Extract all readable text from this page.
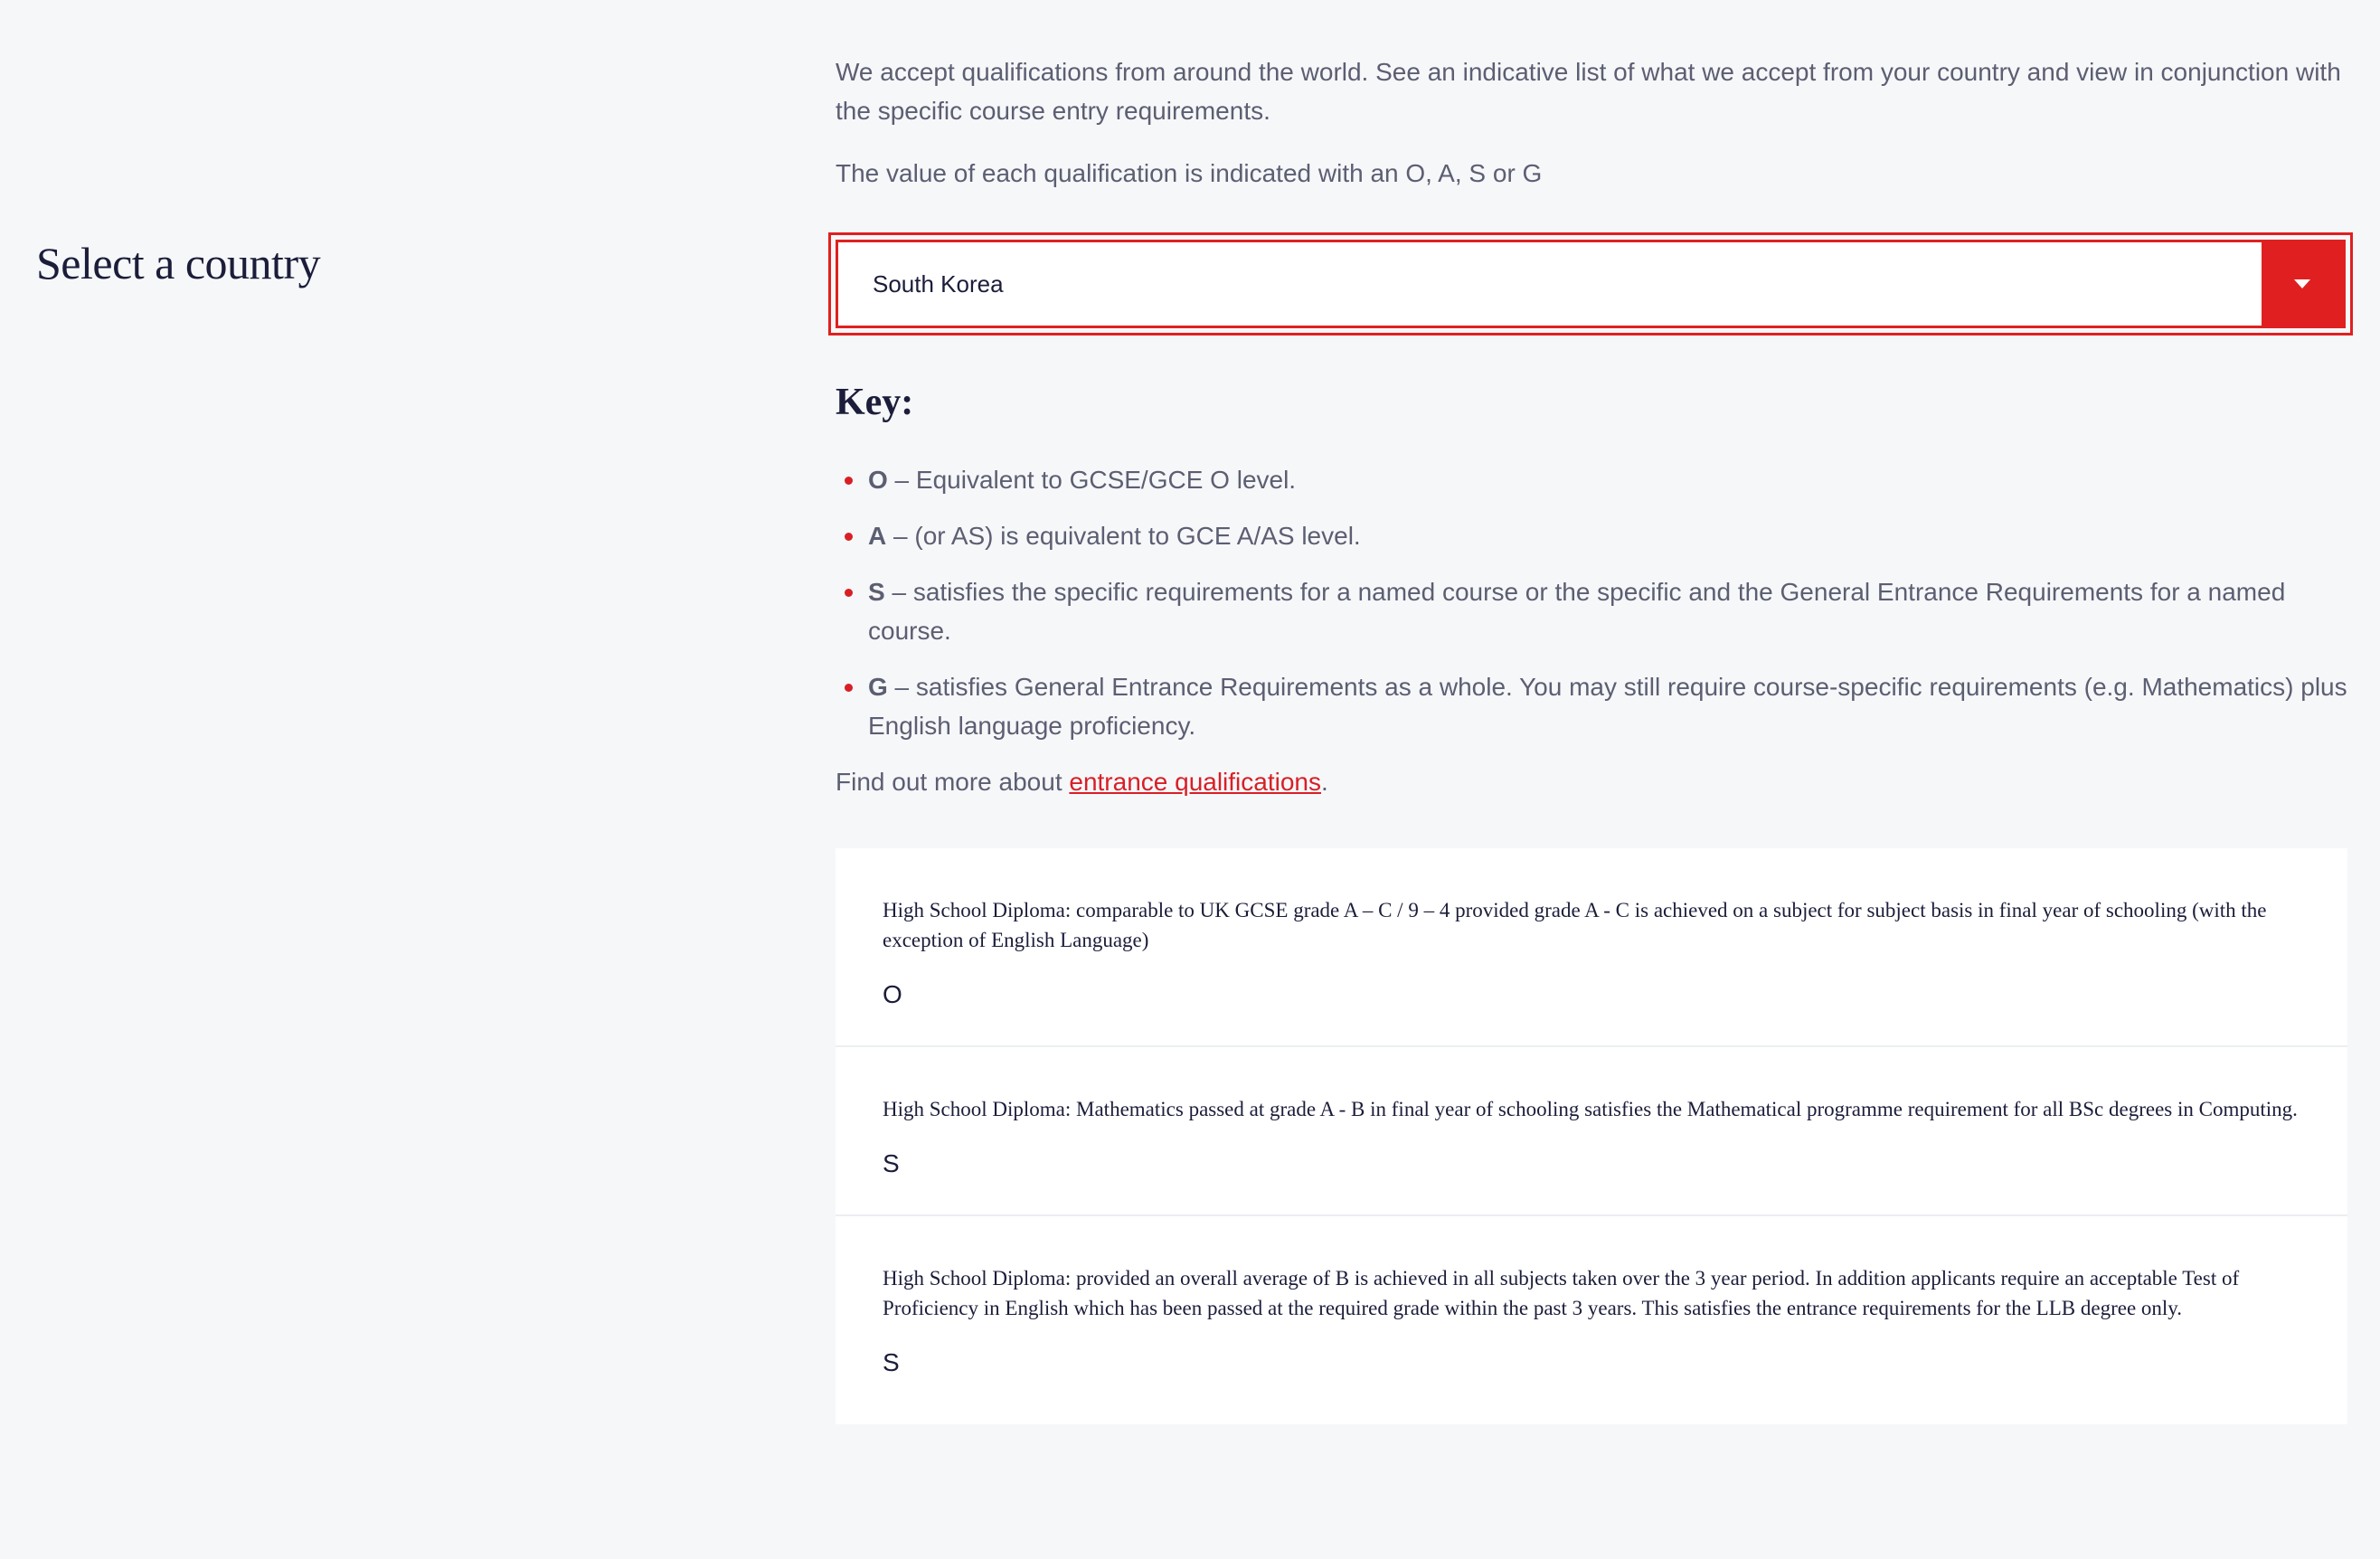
Select a country

We accept qualifications from around the world. See an indicative list of what we accept from your country and view in conjunction with the specific course entry requirements.

The value of each qualification is indicated with an O, A, S or G

South Korea
Key:
O – Equivalent to GCSE/GCE O level.
A – (or AS) is equivalent to GCE A/AS level.
S – satisfies the specific requirements for a named course or the specific and the General Entrance Requirements for a named course.
G – satisfies General Entrance Requirements as a whole. You may still require course-specific requirements (e.g. Mathematics) plus English language proficiency.

Find out more about entrance qualifications.

High School Diploma: comparable to UK GCSE grade A – C / 9 – 4 provided grade A - C is achieved on a subject for subject basis in final year of schooling (with the exception of English Language)

O

High School Diploma: Mathematics passed at grade A - B in final year of schooling satisfies the Mathematical programme requirement for all BSc degrees in Computing.

S

High School Diploma: provided an overall average of B is achieved in all subjects taken over the 3 year period. In addition applicants require an acceptable Test of Proficiency in English which has been passed at the required grade within the past 3 years. This satisfies the entrance requirements for the LLB degree only.

S
